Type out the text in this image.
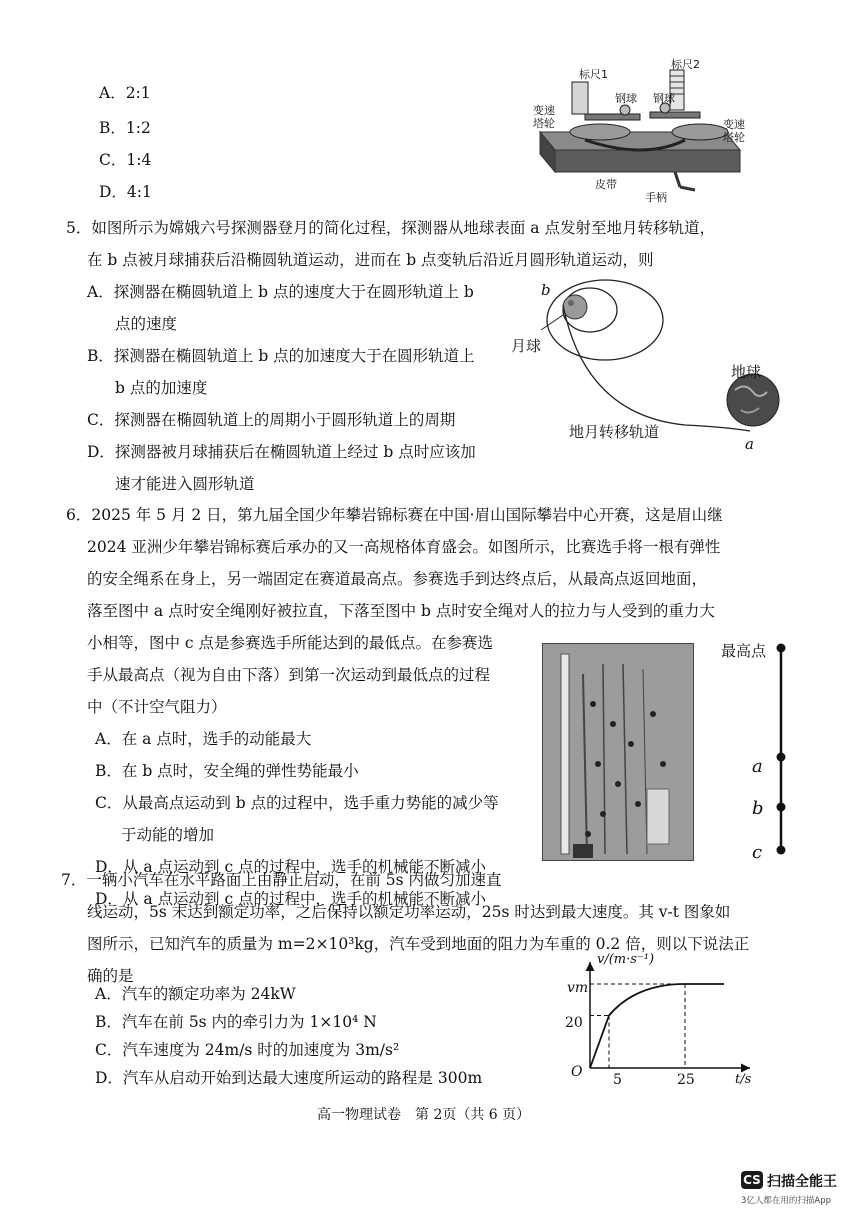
A．2:1
B．1:2
C．1:4
D．4:1
标尺1
标尺2
钢球 钢球
变速
塔轮	变速
塔轮
皮带
手柄
5．如图所示为嫦娥六号探测器登月的简化过程，探测器从地球表面 a 点发射至地月转移轨道，
在 b 点被月球捕获后沿椭圆轨道运动，进而在 b 点变轨后沿近月圆形轨道运动，则
A．探测器在椭圆轨道上 b 点的速度大于在圆形轨道上 b
点的速度
B．探测器在椭圆轨道上 b 点的加速度大于在圆形轨道上
b 点的加速度
C．探测器在椭圆轨道上的周期小于圆形轨道上的周期
D．探测器被月球捕获后在椭圆轨道上经过 b 点时应该加
速才能进入圆形轨道
b
月球
地球
地月转移轨道
a
6．2025 年 5 月 2 日，第九届全国少年攀岩锦标赛在中国·眉山国际攀岩中心开赛，这是眉山继
2024 亚洲少年攀岩锦标赛后承办的又一高规格体育盛会。如图所示，比赛选手将一根有弹性
的安全绳系在身上，另一端固定在赛道最高点。参赛选手到达终点后，从最高点返回地面，
落至图中 a 点时安全绳刚好被拉直，下落至图中 b 点时安全绳对人的拉力与人受到的重力大
小相等，图中 c 点是参赛选手所能达到的最低点。在参赛选
手从最高点（视为自由下落）到第一次运动到最低点的过程
中（不计空气阻力）
A．在 a 点时，选手的动能最大
B．在 b 点时，安全绳的弹性势能最小
C．从最高点运动到 b 点的过程中，选手重力势能的减少等
于动能的增加
D．从 a 点运动到 c 点的过程中，选手的机械能不断减小
D．从 a 点运动到 c 点的过程中，选手的机械能不断减小
最高点
a
b
c
7．一辆小汽车在水平路面上由静止启动，在前 5s 内做匀加速直
线运动，5s 末达到额定功率，之后保持以额定功率运动，25s 时达到最大速度。其 v-t 图象如
图所示，已知汽车的质量为 m=2×10³kg，汽车受到地面的阻力为车重的 0.2 倍，则以下说法正
确的是
A．汽车的额定功率为 24kW
B．汽车在前 5s 内的牵引力为 1×10⁴ N
C．汽车速度为 24m/s 时的加速度为 3m/s²
D．汽车从启动开始到达最大速度所运动的路程是 300m
v/(m·s⁻¹)
t/s
O 5	25
20
vm
高一物理试卷　第 2页（共 6 页）
CS 扫描全能王
3亿人都在用的扫描App
